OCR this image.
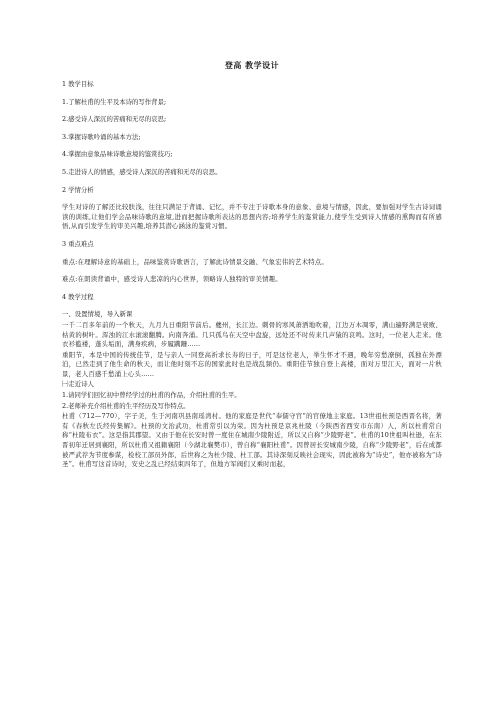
登高 教学设计

1 教学目标

1.了解杜甫的生平及本诗的写作背景;

2.感受诗人深沉的苦痛和无尽的哀思;

3.掌握诗歌吟诵的基本方法;

4.掌握由意象品味诗歌意境的鉴赏技巧;

5.走进诗人的情感，感受诗人深沉的苦痛和无尽的哀思。

2 学情分析

学生对诗的了解还比较肤浅，往往只满足于背诵、记忆，并不专注于诗歌本身的意象、意境与情感，因此，要加强对学生古诗词诵读的训练,让他们学会品味诗歌的意境,进而把握诗歌所表达的思想内容;培养学生的鉴赏能力,使学生受到诗人情感的熏陶而有所感悟,从而引发学生的审美兴趣,培养其潜心涵泳的鉴赏习惯。

3 重点难点

重点:在理解诗意的基础上，品味鉴赏诗歌语言，了解此诗情景交融、气象宏伟的艺术特点。

难点:在朗读背诵中，感受诗人悲凉的内心世界，领略诗人独特的审美情趣。

4 教学过程

一、设置情境，导入新课

一千二百多年前的一个秋天，九月九日重阳节前后。夔州，长江边。刺骨的寒风萧洒地吹着，江边万木凋零，满山遍野满是衰败、枯黄的树叶。浑浊的江水滚滚翻腾。向南奔涌。几只孤鸟在天空中盘旋，远处还不时传来几声猿的哀鸣。这时，一位老人走来。他衣衫褴褛，蓬头垢面，满身疾病，步履蹒跚……

重阳节，本是中国的传统佳节，是与亲人一同登高祈求长寿的日子，可是这位老人，举生怀才不遇，晚年穷愁潦倒，孤独在外漂泊，已然走到了他生命的秋天，而让他时刻不忘的国家此时也是战乱频仍。重阳佳节独自登上高楼，面对万里江天，面对一片秋景，老人百感千愁涌上心头……

㈠走近诗人

1.请同学们回忆初中曾经学过的杜甫的作品，介绍杜甫的生平。

2.老师补充介绍杜甫的生平经历及写作特点。

杜甫（712—770），字子美，生于河南巩县南瑶湾村。他的家庭是世代“奉儒守官”的官僚地主家庭。13世祖杜预是西晋名将，著有《春秋左氏经传集解》。杜预的文治武功，杜甫常引以为荣。因为杜预是京兆杜陵（今陕西省西安市东南）人，所以杜甫常自称“杜陵布衣”。这是指其郡望。又由于他在长安时曾一度住在城南少陵附近，所以又自称“少陵野老”。杜甫的10世祖叫杜逊，在东晋初年迁居到襄阳，所以杜甫又祖籍襄阳（今湖北襄樊市），曾自称“襄阳杜甫”。因曾居长安城南少陵，自称“少陵野老”，后在成都被严武荐为节度参谋，检校工部员外郎，后世称之为杜少陵、杜工部。其诗深刻反映社会现实，因此被称为“诗史”，他亦被称为“诗圣”。杜甫写这首诗时，安史之乱已经结束四年了，但地方军阀们又乘时而起，
